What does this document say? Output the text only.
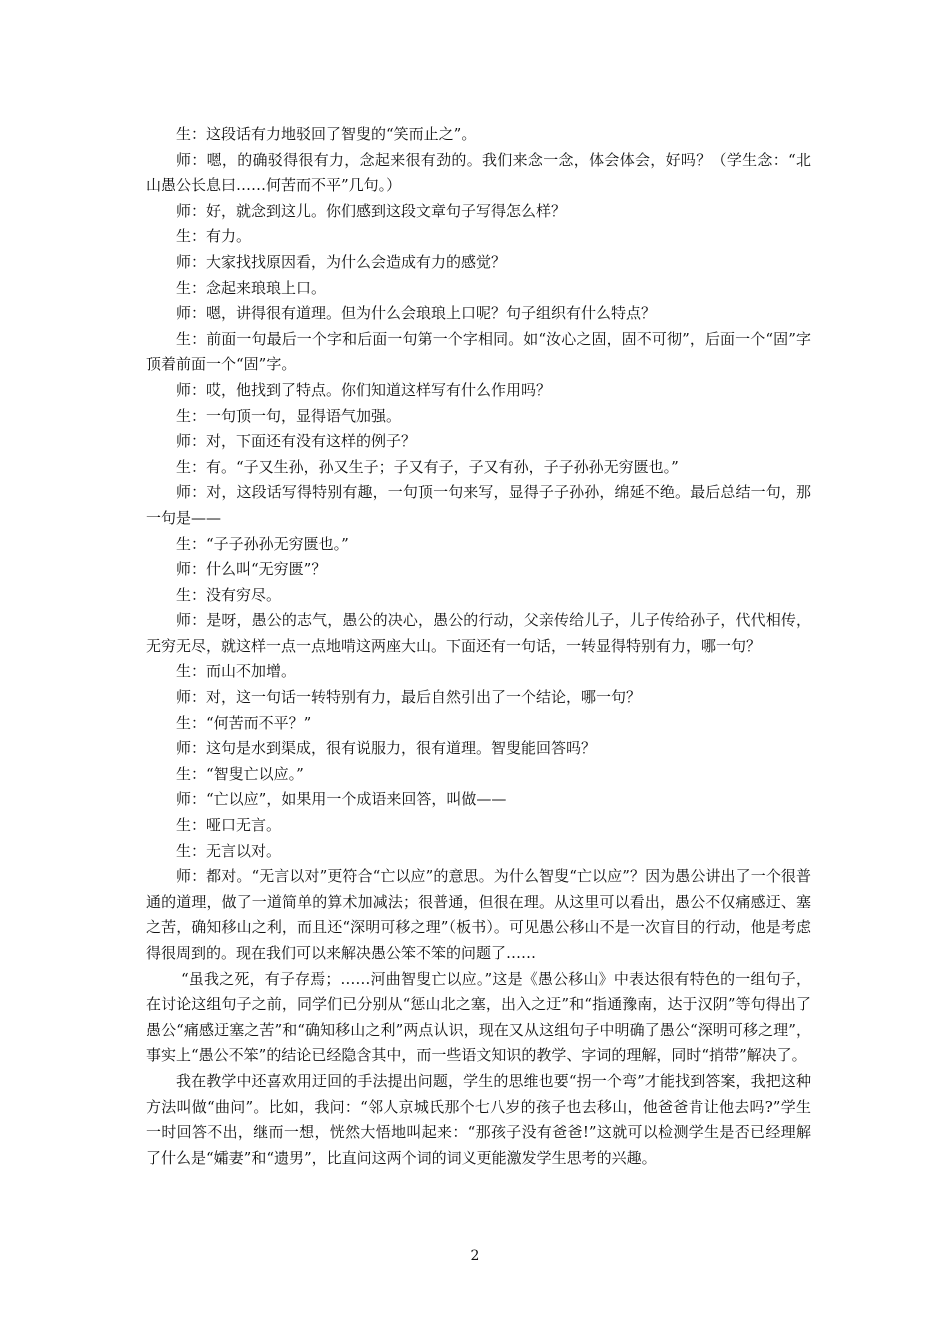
生：这段话有力地驳回了智叟的“笑而止之”。

师：嗯，的确驳得很有力，念起来很有劲的。我们来念一念，体会体会，好吗？（学生念：“北山愚公长息曰……何苦而不平”几句。）

师：好，就念到这儿。你们感到这段文章句子写得怎么样？

生：有力。

师：大家找找原因看，为什么会造成有力的感觉？

生：念起来琅琅上口。

师：嗯，讲得很有道理。但为什么会琅琅上口呢？句子组织有什么特点？

生：前面一句最后一个字和后面一句第一个字相同。如“汝心之固，固不可彻”，后面一个“固”字顶着前面一个“固”字。

师：哎，他找到了特点。你们知道这样写有什么作用吗？

生：一句顶一句，显得语气加强。

师：对，下面还有没有这样的例子？

生：有。“子又生孙，孙又生子；子又有子，子又有孙，子子孙孙无穷匮也。”

师：对，这段话写得特别有趣，一句顶一句来写，显得子子孙孙，绵延不绝。最后总结一句，那一句是——

生：“子子孙孙无穷匮也。”

师：什么叫“无穷匮”？

生：没有穷尽。

师：是呀，愚公的志气，愚公的决心，愚公的行动，父亲传给儿子，儿子传给孙子，代代相传，无穷无尽，就这样一点一点地啃这两座大山。下面还有一句话，一转显得特别有力，哪一句？

生：而山不加增。

师：对，这一句话一转特别有力，最后自然引出了一个结论，哪一句？

生：“何苦而不平？”

师：这句是水到渠成，很有说服力，很有道理。智叟能回答吗？

生：“智叟亡以应。”

师：“亡以应”，如果用一个成语来回答，叫做——

生：哑口无言。

生：无言以对。

师：都对。“无言以对”更符合“亡以应”的意思。为什么智叟“亡以应”？因为愚公讲出了一个很普通的道理，做了一道简单的算术加减法；很普通，但很在理。从这里可以看出，愚公不仅痛感迂、塞之苦，确知移山之利，而且还“深明可移之理”（板书）。可见愚公移山不是一次盲目的行动，他是考虑得很周到的。现在我们可以来解决愚公笨不笨的问题了……

“虽我之死，有子存焉；……河曲智叟亡以应。”这是《愚公移山》中表达很有特色的一组句子，在讨论这组句子之前，同学们已分别从“惩山北之塞，出入之迂”和“指通豫南，达于汉阴”等句得出了愚公“痛感迂塞之苦”和“确知移山之利”两点认识，现在又从这组句子中明确了愚公“深明可移之理”，事实上“愚公不笨”的结论已经隐含其中，而一些语文知识的教学、字词的理解，同时“捎带”解决了。

我在教学中还喜欢用迂回的手法提出问题，学生的思维也要“拐一个弯”才能找到答案，我把这种方法叫做“曲问”。比如，我问：“邻人京城氏那个七八岁的孩子也去移山，他爸爸肯让他去吗?”学生一时回答不出，继而一想，恍然大悟地叫起来：“那孩子没有爸爸!”这就可以检测学生是否已经理解了什么是“孀妻”和“遗男”，比直问这两个词的词义更能激发学生思考的兴趣。

2
